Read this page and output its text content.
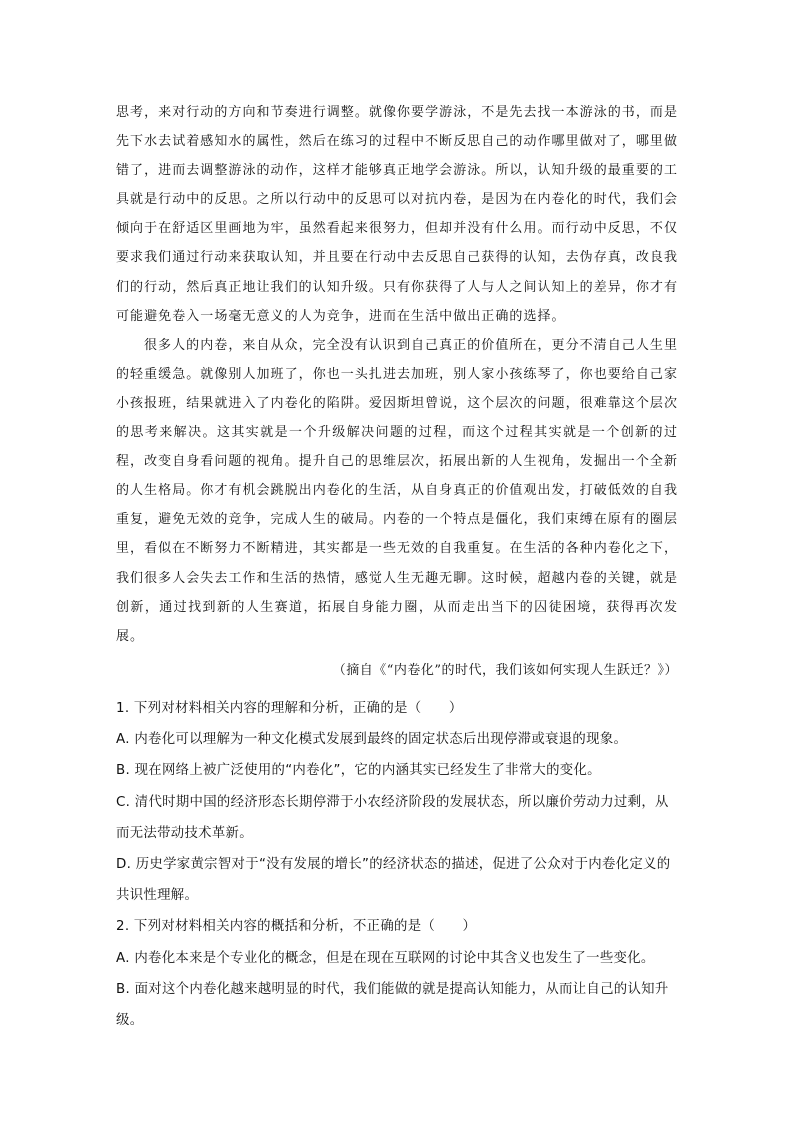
思考，来对行动的方向和节奏进行调整。就像你要学游泳，不是先去找一本游泳的书，而是先下水去试着感知水的属性，然后在练习的过程中不断反思自己的动作哪里做对了，哪里做错了，进而去调整游泳的动作，这样才能够真正地学会游泳。所以，认知升级的最重要的工具就是行动中的反思。之所以行动中的反思可以对抗内卷，是因为在内卷化的时代，我们会倾向于在舒适区里画地为牢，虽然看起来很努力，但却并没有什么用。而行动中反思，不仅要求我们通过行动来获取认知，并且要在行动中去反思自己获得的认知，去伪存真，改良我们的行动，然后真正地让我们的认知升级。只有你获得了人与人之间认知上的差异，你才有可能避免卷入一场毫无意义的人为竞争，进而在生活中做出正确的选择。

很多人的内卷，来自从众，完全没有认识到自己真正的价值所在，更分不清自己人生里的轻重缓急。就像别人加班了，你也一头扎进去加班，别人家小孩练琴了，你也要给自己家小孩报班，结果就进入了内卷化的陷阱。爱因斯坦曾说，这个层次的问题，很难靠这个层次的思考来解决。这其实就是一个升级解决问题的过程，而这个过程其实就是一个创新的过程，改变自身看问题的视角。提升自己的思维层次，拓展出新的人生视角，发掘出一个全新的人生格局。你才有机会跳脱出内卷化的生活，从自身真正的价值观出发，打破低效的自我重复，避免无效的竞争，完成人生的破局。内卷的一个特点是僵化，我们束缚在原有的圈层里，看似在不断努力不断精进，其实都是一些无效的自我重复。在生活的各种内卷化之下，我们很多人会失去工作和生活的热情，感觉人生无趣无聊。这时候，超越内卷的关键，就是创新，通过找到新的人生赛道，拓展自身能力圈，从而走出当下的囚徒困境，获得再次发展。

（摘自《“内卷化”的时代，我们该如何实现人生跃迁？》）

1. 下列对材料相关内容的理解和分析，正确的是（　　）

A. 内卷化可以理解为一种文化模式发展到最终的固定状态后出现停滞或衰退的现象。

B. 现在网络上被广泛使用的“内卷化”，它的内涵其实已经发生了非常大的变化。

C. 清代时期中国的经济形态长期停滞于小农经济阶段的发展状态，所以廉价劳动力过剩，从而无法带动技术革新。

D. 历史学家黄宗智对于“没有发展的增长”的经济状态的描述，促进了公众对于内卷化定义的共识性理解。

2. 下列对材料相关内容的概括和分析，不正确的是（　　）

A. 内卷化本来是个专业化的概念，但是在现在互联网的讨论中其含义也发生了一些变化。

B. 面对这个内卷化越来越明显的时代，我们能做的就是提高认知能力，从而让自己的认知升级。
